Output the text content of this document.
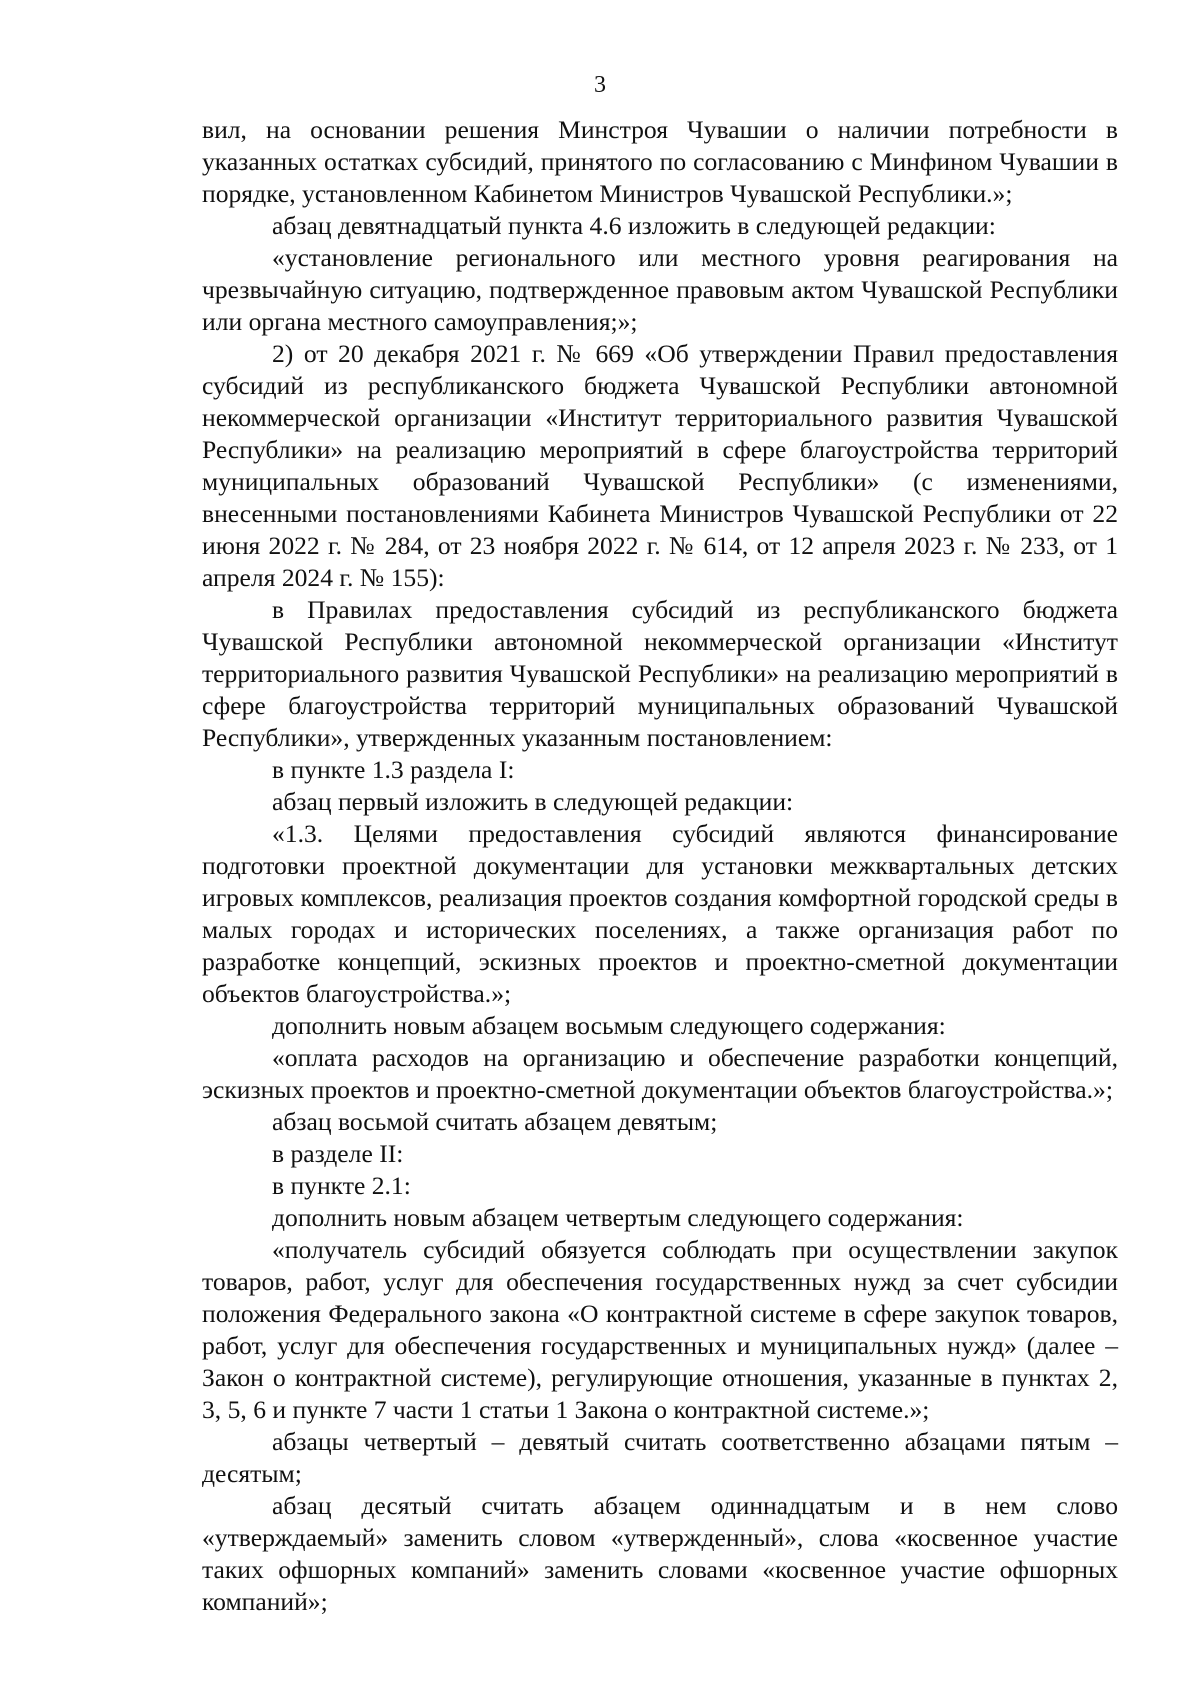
3

вил, на основании решения Минстроя Чувашии о наличии потребности в указанных остатках субсидий, принятого по согласованию с Минфином Чувашии в порядке, установленном Кабинетом Министров Чувашской Республики.»;

абзац девятнадцатый пункта 4.6 изложить в следующей редакции:

«установление регионального или местного уровня реагирования на чрезвычайную ситуацию, подтвержденное правовым актом Чувашской Республики или органа местного самоуправления;»;

2) от 20 декабря 2021 г. № 669 «Об утверждении Правил предоставления субсидий из республиканского бюджета Чувашской Республики автономной некоммерческой организации «Институт территориального развития Чувашской Республики» на реализацию мероприятий в сфере благоустройства территорий муниципальных образований Чувашской Республики» (с изменениями, внесенными постановлениями Кабинета Министров Чувашской Республики от 22 июня 2022 г. № 284, от 23 ноября 2022 г. № 614, от 12 апреля 2023 г. № 233, от 1 апреля 2024 г. № 155):

в Правилах предоставления субсидий из республиканского бюджета Чувашской Республики автономной некоммерческой организации «Институт территориального развития Чувашской Республики» на реализацию мероприятий в сфере благоустройства территорий муниципальных образований Чувашской Республики», утвержденных указанным постановлением:

в пункте 1.3 раздела I:

абзац первый изложить в следующей редакции:

«1.3. Целями предоставления субсидий являются финансирование подготовки проектной документации для установки межквартальных детских игровых комплексов, реализация проектов создания комфортной городской среды в малых городах и исторических поселениях, а также организация работ по разработке концепций, эскизных проектов и проектно-сметной документации объектов благоустройства.»;

дополнить новым абзацем восьмым следующего содержания:

«оплата расходов на организацию и обеспечение разработки концепций, эскизных проектов и проектно-сметной документации объектов благоустройства.»;

абзац восьмой считать абзацем девятым;

в разделе II:

в пункте 2.1:

дополнить новым абзацем четвертым следующего содержания:

«получатель субсидий обязуется соблюдать при осуществлении закупок товаров, работ, услуг для обеспечения государственных нужд за счет субсидии положения Федерального закона «О контрактной системе в сфере закупок товаров, работ, услуг для обеспечения государственных и муниципальных нужд» (далее – Закон о контрактной системе), регулирующие отношения, указанные в пунктах 2, 3, 5, 6 и пункте 7 части 1 статьи 1 Закона о контрактной системе.»;

абзацы четвертый – девятый считать соответственно абзацами пятым – десятым;

абзац десятый считать абзацем одиннадцатым и в нем слово «утверждаемый» заменить словом «утвержденный», слова «косвенное участие таких офшорных компаний» заменить словами «косвенное участие офшорных компаний»;
